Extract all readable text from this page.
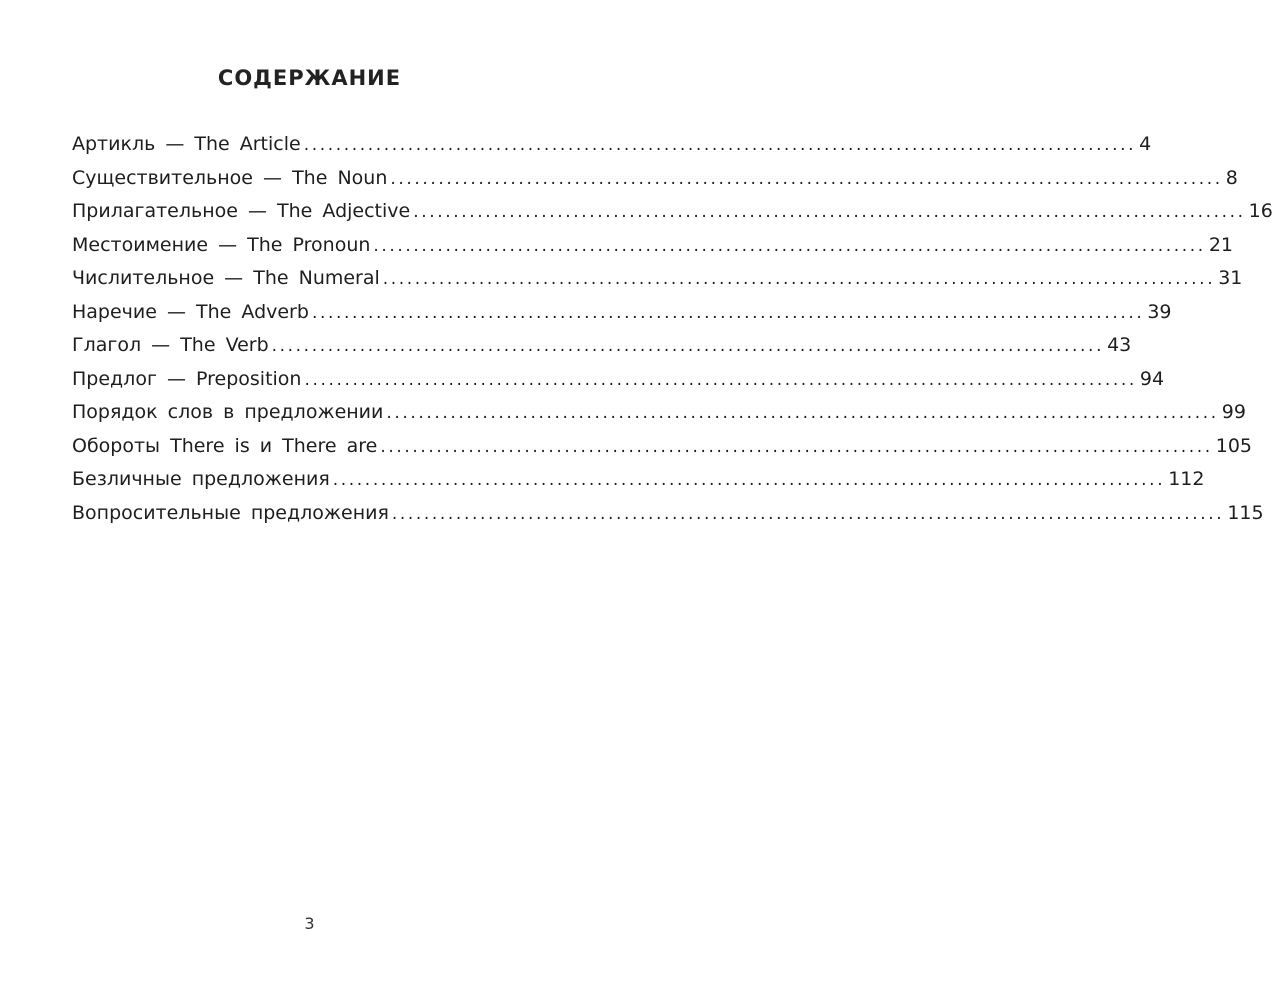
СОДЕРЖАНИЕ
Артикль — The Article ........................................................................................................ 4
Существительное — The Noun ........................................................................................................ 8
Прилагательное — The Adjective ........................................................................................................ 16
Местоимение — The Pronoun ........................................................................................................ 21
Числительное — The Numeral ........................................................................................................ 31
Наречие — The Adverb ........................................................................................................ 39
Глагол — The Verb ........................................................................................................ 43
Предлог — Preposition ........................................................................................................ 94
Порядок слов в предложении ........................................................................................................ 99
Обороты There is и There are ........................................................................................................ 105
Безличные предложения ........................................................................................................ 112
Вопросительные предложения ........................................................................................................ 115
3
